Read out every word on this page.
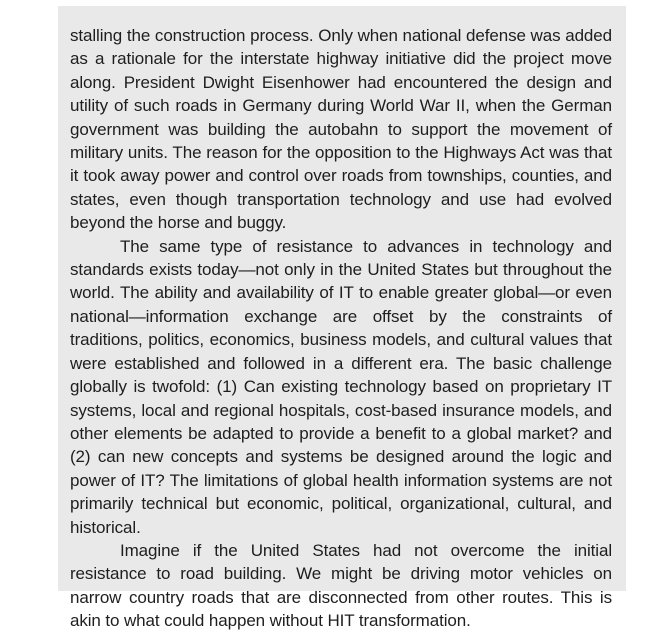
stalling the construction process. Only when national defense was added as a rationale for the interstate highway initiative did the project move along. President Dwight Eisenhower had encountered the design and utility of such roads in Germany during World War II, when the German government was building the autobahn to support the movement of military units. The reason for the opposition to the Highways Act was that it took away power and control over roads from townships, counties, and states, even though transportation technology and use had evolved beyond the horse and buggy.

The same type of resistance to advances in technology and standards exists today—not only in the United States but throughout the world. The ability and availability of IT to enable greater global—or even national—information exchange are offset by the constraints of traditions, politics, economics, business models, and cultural values that were established and followed in a different era. The basic challenge globally is twofold: (1) Can existing technology based on proprietary IT systems, local and regional hospitals, cost-based insurance models, and other elements be adapted to provide a benefit to a global market? and (2) can new concepts and systems be designed around the logic and power of IT? The limitations of global health information systems are not primarily technical but economic, political, organizational, cultural, and historical.

Imagine if the United States had not overcome the initial resistance to road building. We might be driving motor vehicles on narrow country roads that are disconnected from other routes. This is akin to what could happen without HIT transformation.
